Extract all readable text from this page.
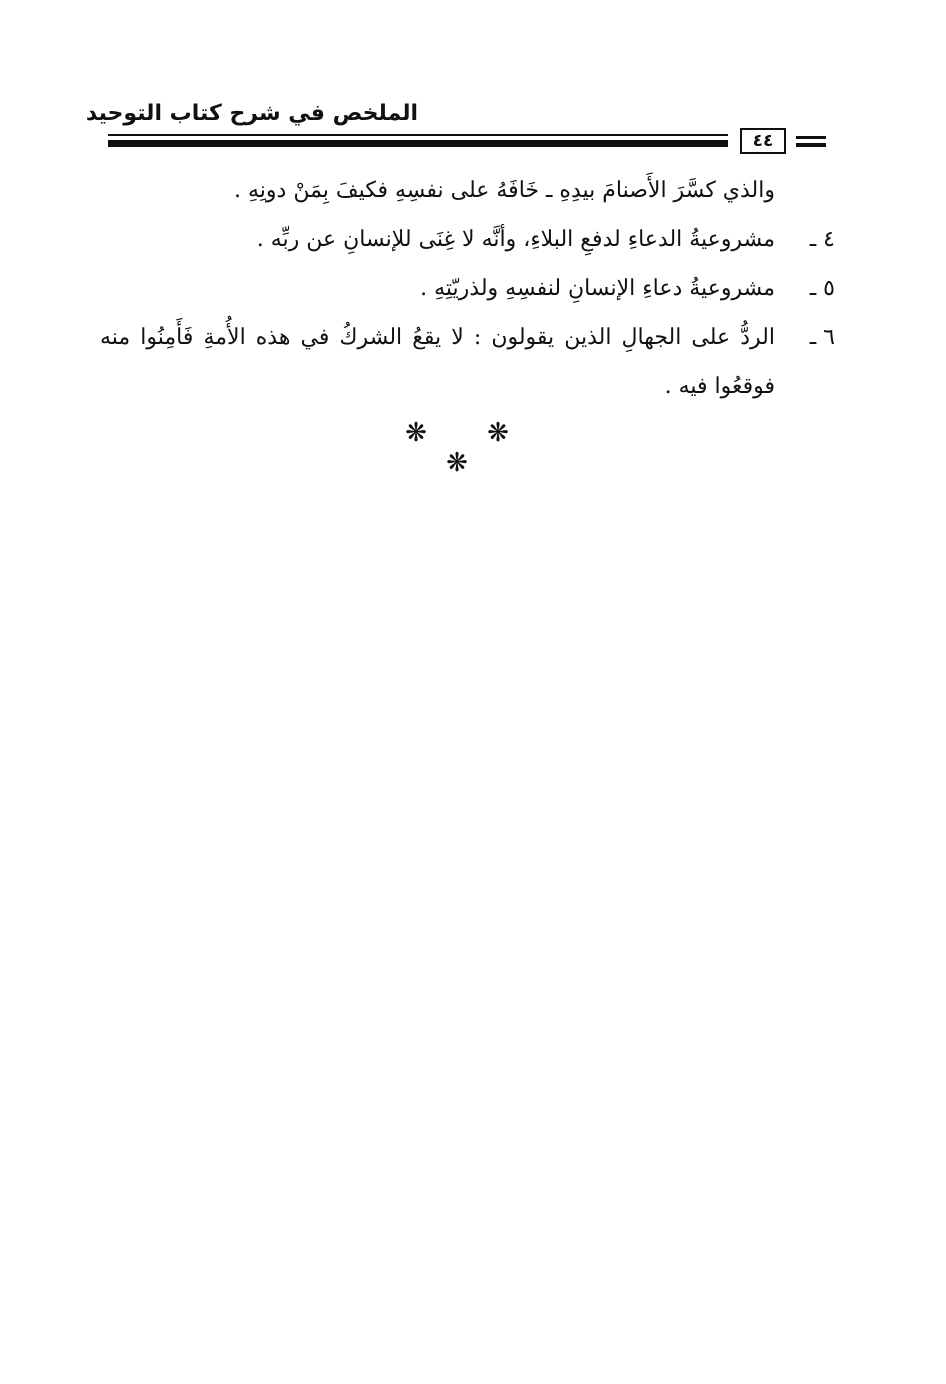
الملخص في شرح كتاب التوحيد
٤٤

والذي كسَّرَ الأَصنامَ بيدِهِ ـ خَافَهُ على نفسِهِ فكيفَ بِمَنْ دونِهِ .

٤ ـ
مشروعيةُ الدعاءِ لدفعِ البلاءِ، وأنَّه لا غِنَى للإنسانِ عن ربِّه .
٥ ـ
مشروعيةُ دعاءِ الإنسانِ لنفسِهِ ولذريّتِهِ .
٦ ـ
الردُّ على الجهالِ الذين يقولون : لا يقعُ الشركُ في هذه الأُمةِ فَأَمِنُوا منه فوقعُوا فيه .
❋ ❋ ❋
